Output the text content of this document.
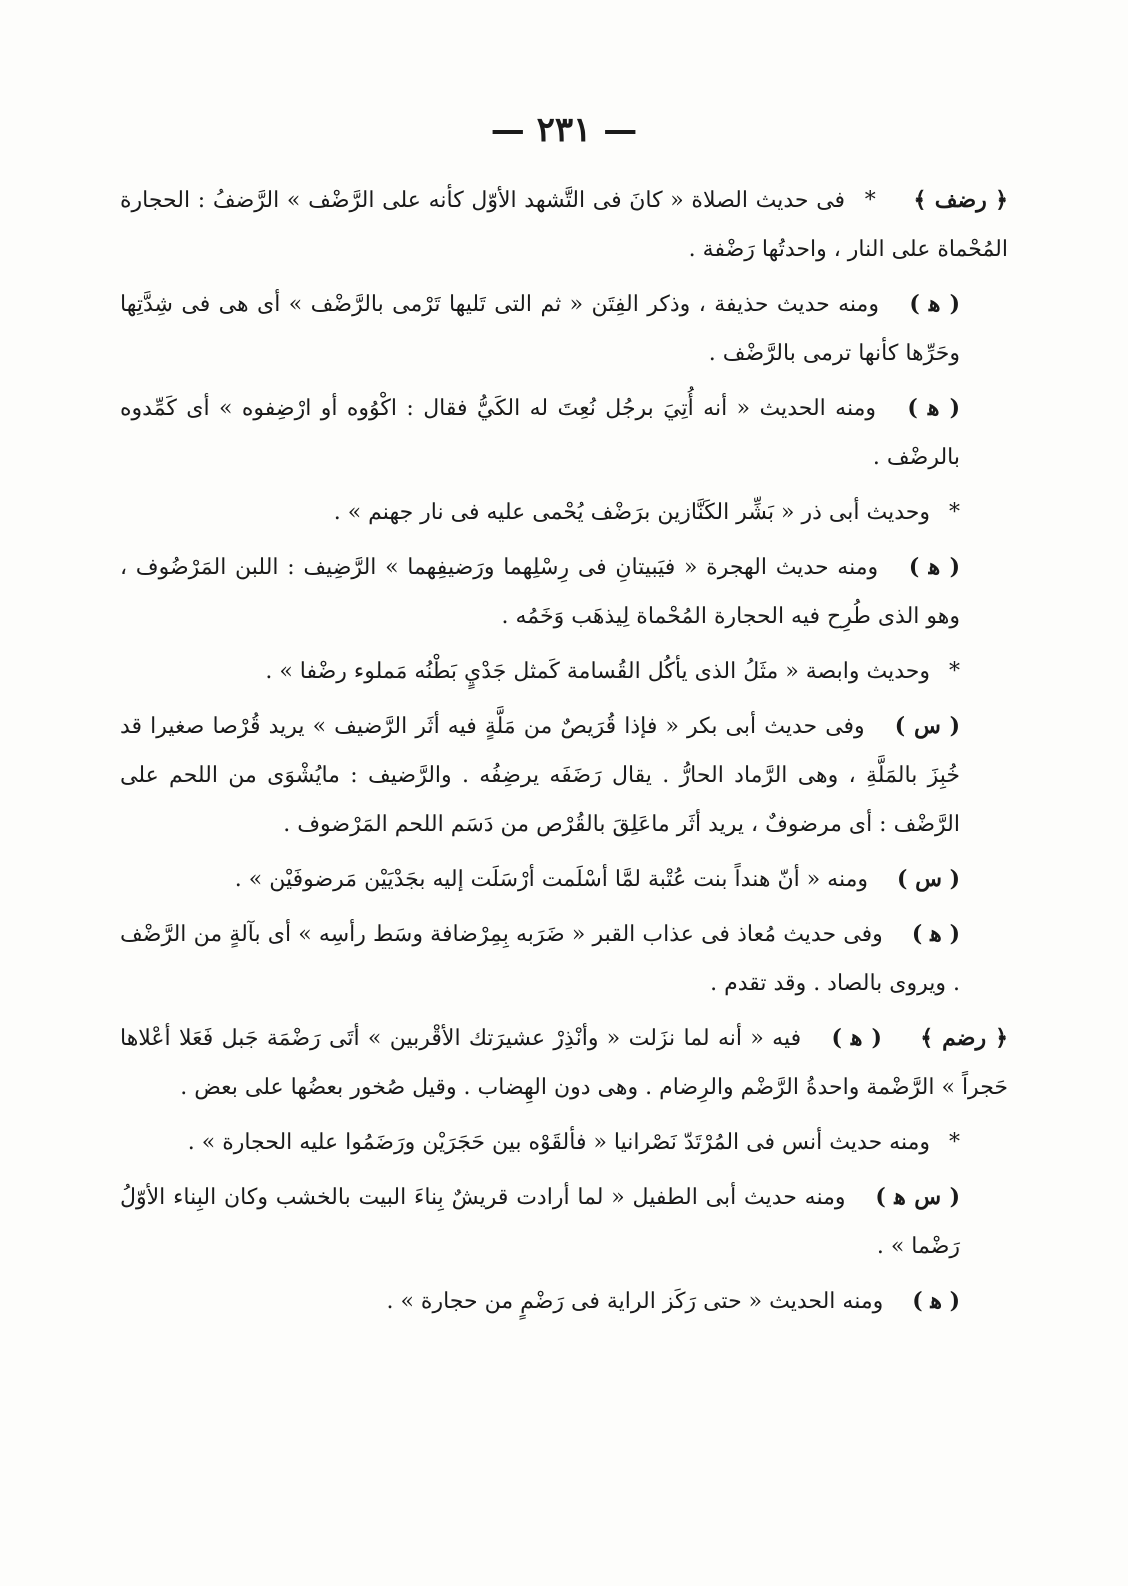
— ٢٣١ —

﴿ رضف ﴾ * فى حديث الصلاة « كانَ فى التَّشهد الأوّل كأنه على الرَّضْف » الرَّضفُ : الحجارة المُحْماة على النار ، واحدتُها رَضْفة .

( ﻫ ) ومنه حديث حذيفة ، وذكر الفِتَن « ثم التى تَليها تَرْمى بالرَّضْف » أى هى فى شِدَّتِها وحَرِّها كأنها ترمى بالرَّضْف .

( ﻫ ) ومنه الحديث « أنه أُتِيَ برجُل نُعِتَ له الكَيُّ فقال : اكْوُوه أو ارْضِفوه » أى كَمِّدوه بالرضْف .

* وحديث أبى ذر « بَشِّر الكَنَّازين برَضْف يُحْمى عليه فى نار جهنم » .

( ﻫ ) ومنه حديث الهجرة « فيَبيتانِ فى رِسْلِهما ورَضيفِهما » الرَّضِيف : اللبن المَرْضُوف ، وهو الذى طُرِح فيه الحجارة المُحْماة لِيذهَب وَخَمُه .

* وحديث وابصة « مثَلُ الذى يأكُل القُسامة كَمثل جَدْيٍ بَطْنُه مَملوء رضْفا » .

( س ) وفى حديث أبى بكر « فإذا قُرَيصٌ من مَلَّةٍ فيه أثَر الرَّضيف » يريد قُرْصا صغيرا قد خُبِزَ بالمَلَّةِ ، وهى الرَّماد الحارُّ . يقال رَضَفَه يرضِفُه . والرَّضيف : مايُشْوَى من اللحم على الرَّضْف : أى مرضوفٌ ، يريد أثَر ماعَلِقَ بالقُرْص من دَسَم اللحم المَرْضوف .

( س ) ومنه « أنّ هنداً بنت عُتْبة لمَّا أسْلَمت أرْسَلَت إليه بجَدْيَيْن مَرضوفَيْن » .

( ﻫ ) وفى حديث مُعاذ فى عذاب القبر « ضَرَبه بِمِرْضافة وسَط رأسِه » أى بآلةٍ من الرَّضْف . ويروى بالصاد . وقد تقدم .

﴿ رضم ﴾ ( ﻫ ) فيه « أنه لما نزَلت « وأنْذِرْ عشيرَتك الأقْربين » أتَى رَضْمَة جَبل فَعَلا أعْلاها حَجراً » الرَّضْمة واحدةُ الرَّضْم والرِضام . وهى دون الهِضاب . وقيل صُخور بعضُها على بعض .

* ومنه حديث أنس فى المُرْتَدّ نَصْرانيا « فألقَوْه بين حَجَرَيْن ورَضَمُوا عليه الحجارة » .

( س ﻫ ) ومنه حديث أبى الطفيل « لما أرادت قريشٌ بِناءَ البيت بالخشب وكان البِناء الأوّلُ رَضْما » .

( ﻫ ) ومنه الحديث « حتى رَكَز الراية فى رَضْمٍ من حجارة » .
